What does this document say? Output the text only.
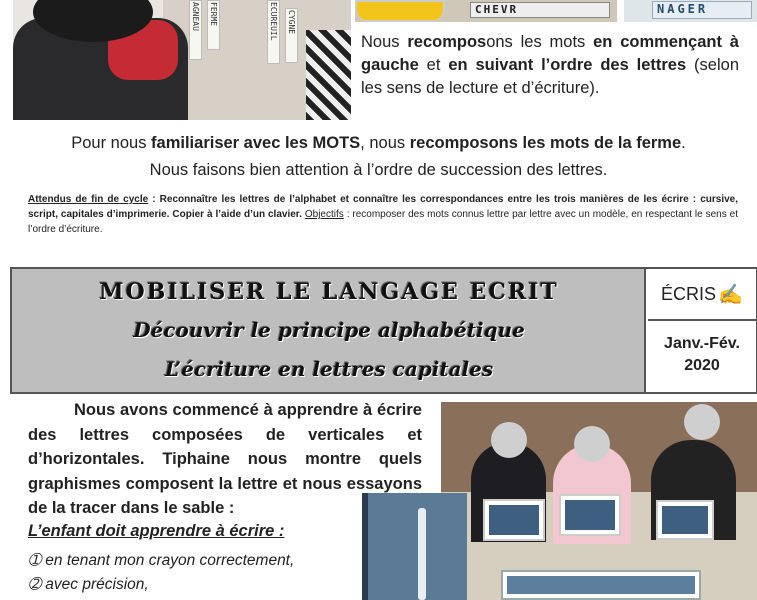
AGNEAU FERME	ECUREUIL CYGNE
CHEVR	NAGER
Nous recomposons les mots en commençant à gauche et en suivant l’ordre des lettres (selon les sens de lecture et d’écriture).
Pour nous familiariser avec les MOTS, nous recomposons les mots de la ferme.
Nous faisons bien attention à l’ordre de succession des lettres.
Attendus de fin de cycle : Reconnaître les lettres de l’alphabet et connaître les correspondances entre les trois manières de les écrire : cursive, script, capitales d’imprimerie. Copier à l’aide d’un clavier. Objectifs : recomposer des mots connus lettre par lettre avec un modèle, en respectant le sens et l’ordre d’écriture.
MOBILISER LE LANGAGE ECRIT
Découvrir le principe alphabétique
L’écriture en lettres capitales
ÉCRIS ✍
Janv.-Fév.
2020
Nous avons commencé à apprendre à écrire des lettres composées de verticales et d’horizontales. Tiphaine nous montre quels graphismes composent la lettre et nous essayons de la tracer dans le sable :
L’enfant doit apprendre à écrire :
➀ en tenant mon crayon correctement,
➁ avec précision,
